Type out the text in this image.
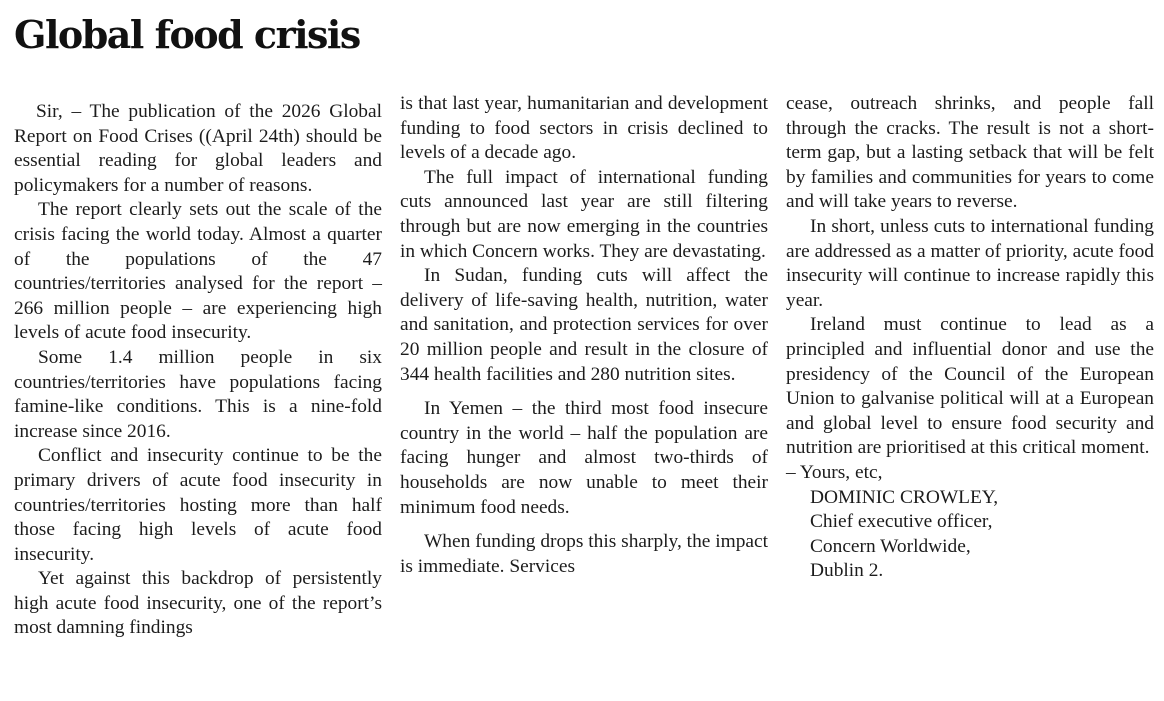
Global food crisis

Sir, – The publication of the 2026 Global Report on Food Crises ((April 24th) should be essential reading for global leaders and policymakers for a number of reasons.

The report clearly sets out the scale of the crisis facing the world today. Almost a quarter of the populations of the 47 countries/territories analysed for the report – 266 million people – are experiencing high levels of acute food insecurity.

Some 1.4 million people in six countries/territories have populations facing famine-like conditions. This is a nine-fold increase since 2016.

Conflict and insecurity continue to be the primary drivers of acute food insecurity in countries/territories hosting more than half those facing high levels of acute food insecurity.

Yet against this backdrop of persistently high acute food insecurity, one of the report’s most damning findings

is that last year, humanitarian and development funding to food sectors in crisis declined to levels of a decade ago.

The full impact of international funding cuts announced last year are still filtering through but are now emerging in the countries in which Concern works. They are devastating.

In Sudan, funding cuts will affect the delivery of life-saving health, nutrition, water and sanitation, and protection services for over 20 million people and result in the closure of 344 health facilities and 280 nutrition sites.

In Yemen – the third most food insecure country in the world – half the population are facing hunger and almost two-thirds of households are now unable to meet their minimum food needs.

When funding drops this sharply, the impact is immediate. Services

cease, outreach shrinks, and people fall through the cracks. The result is not a short-term gap, but a lasting setback that will be felt by families and communities for years to come and will take years to reverse.

In short, unless cuts to international funding are addressed as a matter of priority, acute food insecurity will continue to increase rapidly this year.

Ireland must continue to lead as a principled and influential donor and use the presidency of the Council of the European Union to galvanise political will at a European and global level to ensure food security and nutrition are prioritised at this critical moment.

– Yours, etc,
DOMINIC CROWLEY,
Chief executive officer,
Concern Worldwide,
Dublin 2.
